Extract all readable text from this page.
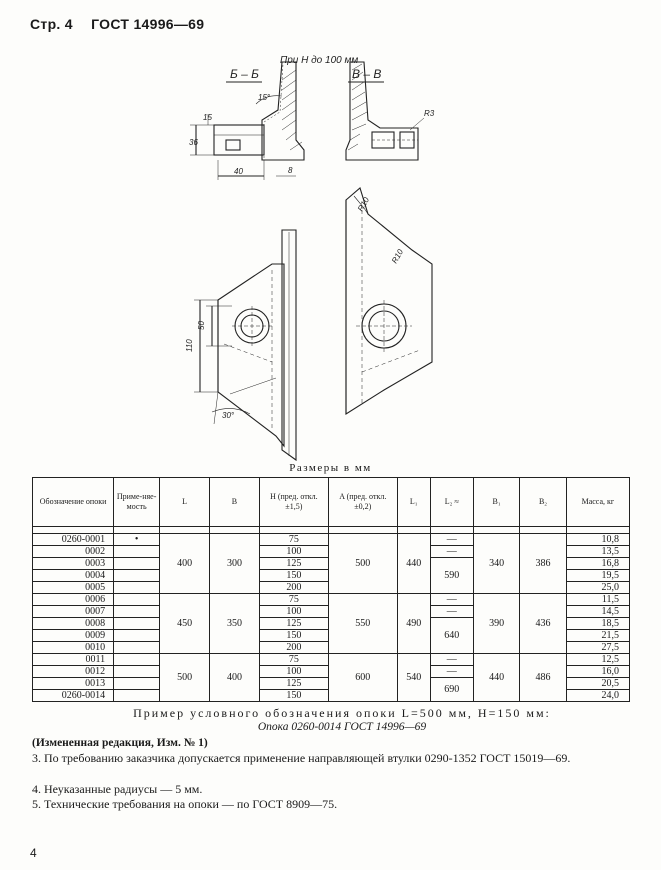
Стр. 4 ГОСТ 14996—69
При Н до 100 мм
Б – Б
36
15
40	8
15°
В – В
R3
R10
R10
50
110
30°
Размеры в мм
Обозначение опоки	Приме-няе-мость	L	B	H (пред. откл. ±1,5)	A (пред. откл. ±0,2)	L₁	L₂ ≈	B₁	B₂	Масса, кг

0260-0001	•	400	300	75	500	440	—	340	386	10,8
0002				100			—			13,5
0003				125			590			16,8
0004				150						19,5
0005				200						25,0
0006		450	350	75	550	490	—	390	436	11,5
0007				100			—			14,5
0008				125			640			18,5
0009				150						21,5
0010				200						27,5
0011		500	400	75	600	540	—	440	486	12,5
0012				100			—			16,0
0013				125			690			20,5
0260-0014				150						24,0
Пример условного обозначения опоки L=500 мм, H=150 мм:
Опока 0260-0014 ГОСТ 14996—69
(Измененная редакция, Изм. № 1)
3. По требованию заказчика допускается применение направляющей втулки 0290-1352 ГОСТ 15019—69.
4. Неуказанные радиусы — 5 мм.
5. Технические требования на опоки — по ГОСТ 8909—75.
4
